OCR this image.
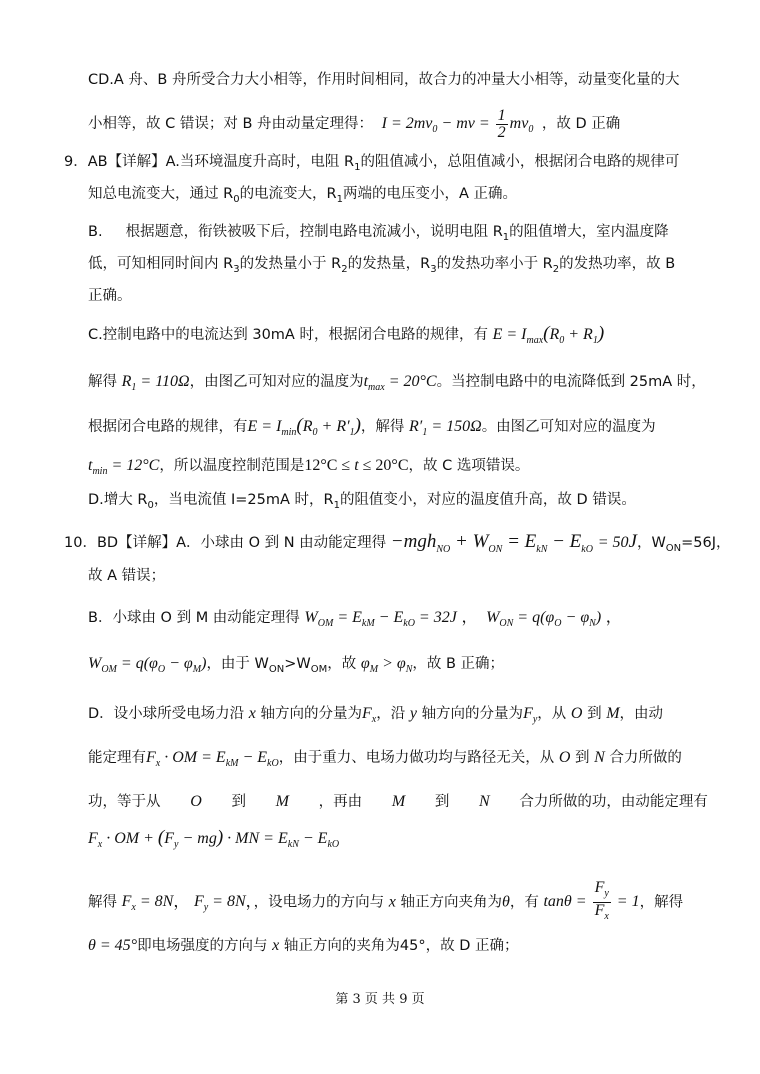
CD.A 舟、B 舟所受合力大小相等，作用时间相同，故合力的冲量大小相等，动量变化量的大
小相等，故 C 错误；对 B 舟由动量定理得：  $I = 2mv_0$ − mv = $\frac{1}{2} mv_0$ ，故 D 正确
9．AB【详解】A.当环境温度升高时，电阻 $R_1$的阻值减小，总阻值减小，根据闭合电路的规律可
知总电流变大，通过 $R_0$的电流变大，$R_1$两端的电压变小，A 正确。
B. 根据题意，衔铁被吸下后，控制电路电流减小，说明电阻 $R_1$的阻值增大，室内温度降
低，可知相同时间内 $R_3$的发热量小于 $R_2$的发热量，$R_3$的发热功率小于 $R_2$的发热功率，故 B
正确。
C.控制电路中的电流达到 30mA 时，根据闭合电路的规律，有 $E = I_{max}(R_0 + R_1)$
解得 $R_1 = 110\Omega$，由图乙可知对应的温度为$t_{max} = 20^\circ C$。当控制电路中的电流降低到 25mA 时，
根据闭合电路的规律，有$E = I_{min}(R_0 + R'_1)$，解得 $R'_1 = 150\Omega$。由图乙可知对应的温度为
$t_{min} = 12^\circ C$，所以温度控制范围是12°C ≤ t ≤ 20°C，故 C 选项错误。
D.增大 $R_0$，当电流值 I=25mA 时，$R_1$的阻值变小，对应的温度值升高，故 D 错误。
10．BD【详解】A．小球由 O 到 N 由动能定理得 $-mgh_{NO} + W_{ON} = E_{kN} - E_{kO} = 50J$，$W_{ON}=56J$，
故 A 错误；
B．小球由 O 到 M 由动能定理得 $W_{OM} = E_{kM} - E_{kO} = 32J$ ，  $W_{ON} = q(\varphi_O - \varphi_N)$ ，
$W_{OM} = q(\varphi_O - \varphi_M)$，由于 $W_{ON}>W_{OM}$，故 $\varphi_M > \varphi_N$，故 B 正确；
D．设小球所受电场力沿 x 轴方向的分量为$F_x$，沿 y 轴方向的分量为$F_y$，从 O 到 M，由动
能定理有$F_x$ · OM = $E_{kM} - E_{kO}$，由于重力、电场力做功均与路径无关，从 O 到 N 合力所做的
功，等于从 O 到 M ，再由 M 到 N 合力所做的功，由动能定理有
$F_x$ · OM + $(F_y - mg)$ · MN = $E_{kN} - E_{kO}$
解得 $F_x = 8N$， $F_y = 8N$，，设电场力的方向与 x 轴正方向夹角为θ，有 $\tan\theta = \frac{F_y}{F_x} = 1$，解得
θ = 45°即电场强度的方向与 x 轴正方向的夹角为45°，故 D 正确；
第 3 页 共 9 页
